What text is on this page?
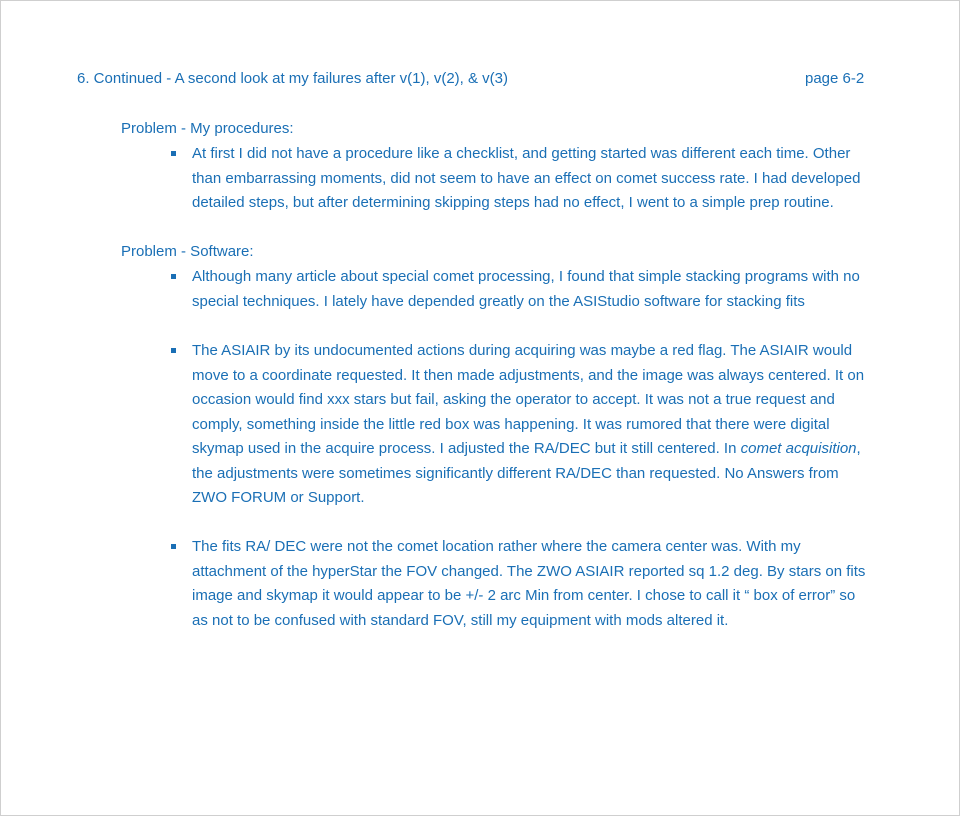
6. Continued - A second look at my failures after v(1), v(2), & v(3)	page 6-2
Problem - My procedures:
At first I did not have a procedure like a checklist, and getting started was different each time. Other
than embarrassing moments, did not seem to have an effect on comet success rate. I had developed
detailed steps, but after determining skipping steps had no effect, I went to a simple prep routine.
Problem - Software:
Although many article about special comet processing, I found that simple stacking programs with no
special techniques. I lately have depended greatly on the ASIStudio software for stacking fits
The ASIAIR by its undocumented actions during acquiring was maybe a red flag. The ASIAIR would
move to a coordinate requested. It then made adjustments, and the image was always centered. It on
occasion would find xxx stars but fail, asking the operator to accept. It was not a true request and
comply, something inside the little red box was happening. It was rumored that there were digital
skymap used in the acquire process. I adjusted the RA/DEC but it still centered. In comet acquisition,
the adjustments were sometimes significantly different RA/DEC than requested. No Answers from
ZWO FORUM or Support.
The fits RA/ DEC were not the comet location rather where the camera center was. With my
attachment of the hyperStar the FOV changed. The ZWO ASIAIR reported sq 1.2 deg. By stars on fits
image and skymap it would appear to be +/- 2 arc Min from center. I chose to call it “ box of error” so
as not to be confused with standard FOV, still my equipment with mods altered it.
